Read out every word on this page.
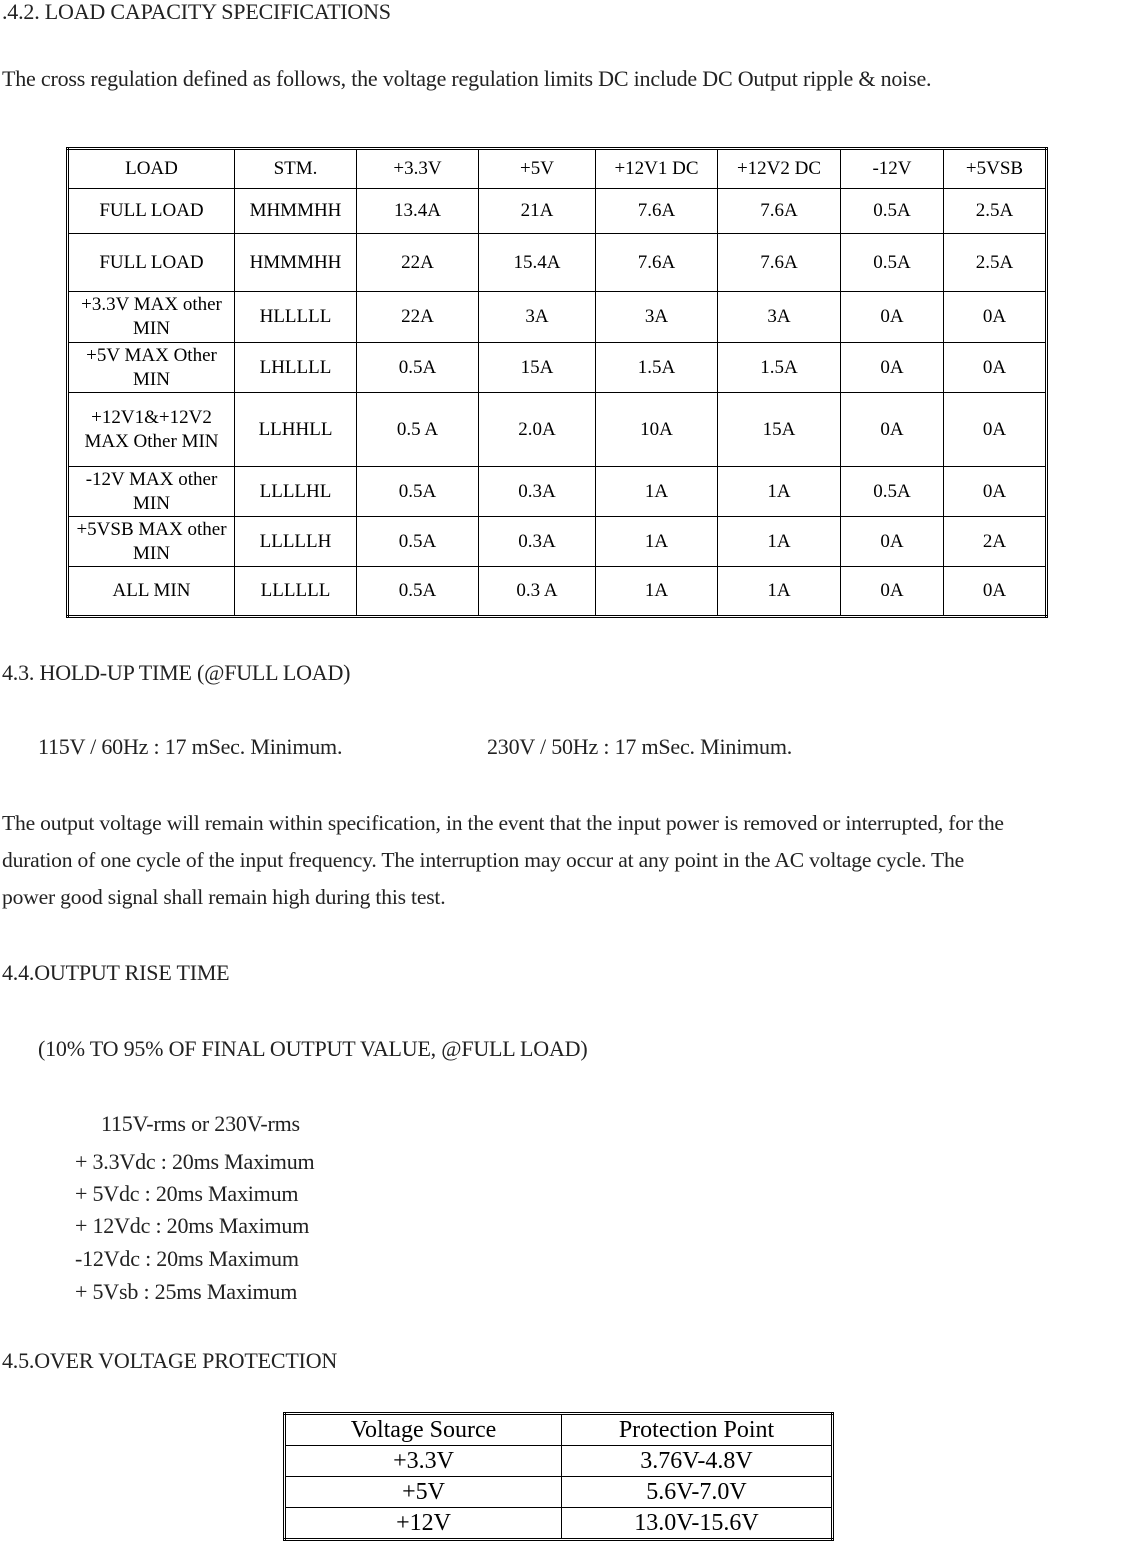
.4.2. LOAD CAPACITY SPECIFICATIONS
The cross regulation defined as follows, the voltage regulation limits DC include DC Output ripple & noise.
LOAD	STM.	+3.3V	+5V	+12V1 DC	+12V2 DC	-12V	+5VSB
FULL LOAD	MHMMHH	13.4A	21A	7.6A	7.6A	0.5A	2.5A
FULL LOAD	HMMMHH	22A	15.4A	7.6A	7.6A	0.5A	2.5A
+3.3V MAX other MIN	HLLLLL	22A	3A	3A	3A	0A	0A
+5V MAX Other MIN	LHLLLL	0.5A	15A	1.5A	1.5A	0A	0A
+12V1&+12V2 MAX Other MIN	LLHHLL	0.5 A	2.0A	10A	15A	0A	0A
-12V MAX other MIN	LLLLHL	0.5A	0.3A	1A	1A	0.5A	0A
+5VSB MAX other MIN	LLLLLH	0.5A	0.3A	1A	1A	0A	2A
ALL MIN	LLLLLL	0.5A	0.3 A	1A	1A	0A	0A
4.3. HOLD-UP TIME (@FULL LOAD)
115V / 60Hz : 17 mSec. Minimum.	230V / 50Hz : 17 mSec. Minimum.
The output voltage will remain within specification, in the event that the input power is removed or interrupted, for the
duration of one cycle of the input frequency. The interruption may occur at any point in the AC voltage cycle. The
power good signal shall remain high during this test.
4.4.OUTPUT RISE TIME
(10% TO 95% OF FINAL OUTPUT VALUE, @FULL LOAD)
115V-rms or 230V-rms
+ 3.3Vdc : 20ms Maximum
+ 5Vdc : 20ms Maximum
+ 12Vdc : 20ms Maximum
-12Vdc : 20ms Maximum
+ 5Vsb : 25ms Maximum
4.5.OVER VOLTAGE PROTECTION
Voltage Source	Protection Point
+3.3V	3.76V-4.8V
+5V	5.6V-7.0V
+12V	13.0V-15.6V
